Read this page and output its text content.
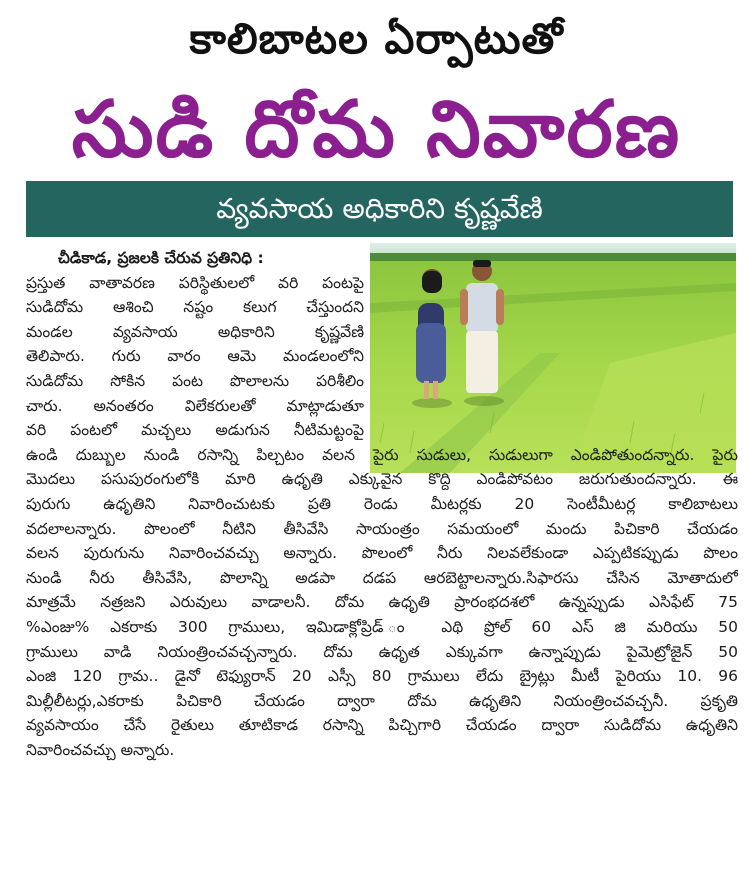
కాలిబాటల ఏర్పాటుతో
సుడి దోమ నివారణ
వ్యవసాయ అధికారిని కృష్ణవేణి
చీడికాడ, ప్రజలకి చేరువ ప్రతినిధి :
ప్రస్తుత వాతావరణ పరిస్థితులలో వరి పంటపై
సుడిదోమ ఆశించి నష్టం కలుగ చేస్తుందని
మండల వ్యవసాయ అధికారిని కృష్ణవేణి
తెలిపారు. గురు వారం ఆమె మండలంలోని
సుడిదోమ సోకిన పంట పొలాలను పరిశీలిం
చారు. అనంతరం విలేకరులతో మాట్లాడుతూ
వరి పంటలో మచ్చలు అడుగున నీటిమట్టంపై
ఉండి దుబ్బుల నుండి రసాన్ని పిల్చటం వలన పైరు సుడులు, సుడులుగా ఎండిపోతుందన్నారు. పైరు
మొదలు పసుపురంగులోకి మారి ఉధృతి ఎక్కువైన కొద్ది ఎండిపోవటం జరుగుతుందన్నారు. ఈ
పురుగు ఉధృతిని నివారించుటకు ప్రతి రెండు మీటర్లకు 20 సెంటీమీటర్ల కాలిబాటలు
వదలాలన్నారు. పొలంలో నీటిని తీసివేసి సాయంత్రం సమయంలో మందు పిచికారి చేయడం
వలన పురుగును నివారించవచ్చు అన్నారు. పొలంలో నీరు నిలవలేకుండా ఎప్పటికప్పుడు పొలం
నుండి నీరు తీసివేసి, పొలాన్ని అడపా దడప ఆరబెట్టాలన్నారు.సిఫారసు చేసిన మోతాదులో
మాత్రమే నత్రజని ఎరువులు వాడాలనీ. దోమ ఉధృతి ప్రారంభదశలో ఉన్నప్పుడు ఎసిఫేట్ 75
%ఎంజు% ఎకరాకు 300 గ్రాములు, ఇమిడాక్లోప్రిడ్ ం ఎథి ప్రోల్ 60 ఎస్ జి మరియు 50
గ్రాములు వాడి నియంత్రించవచ్చన్నారు. దోమ ఉధృత ఎక్కువగా ఉన్నాప్పుడు పైమెట్రోజైన్ 50
ఎంజి 120 గ్రామ.. డైనో టెఫ్యురాన్ 20 ఎస్సీ 80 గ్రాములు లేదు బ్రైట్లు మీటీ పైరియు 10. 96
మిల్లీలీటర్లు,ఎకరాకు పిచికారి చేయడం ద్వారా దోమ ఉధృతిని నియంత్రించవచ్చనీ. ప్రకృతి
వ్యవసాయం చేసే రైతులు తూటికాడ రసాన్ని పిచ్చిగారి చేయడం ద్వారా సుడిదోమ ఉధృతిని
నివారించవచ్చు అన్నారు.
